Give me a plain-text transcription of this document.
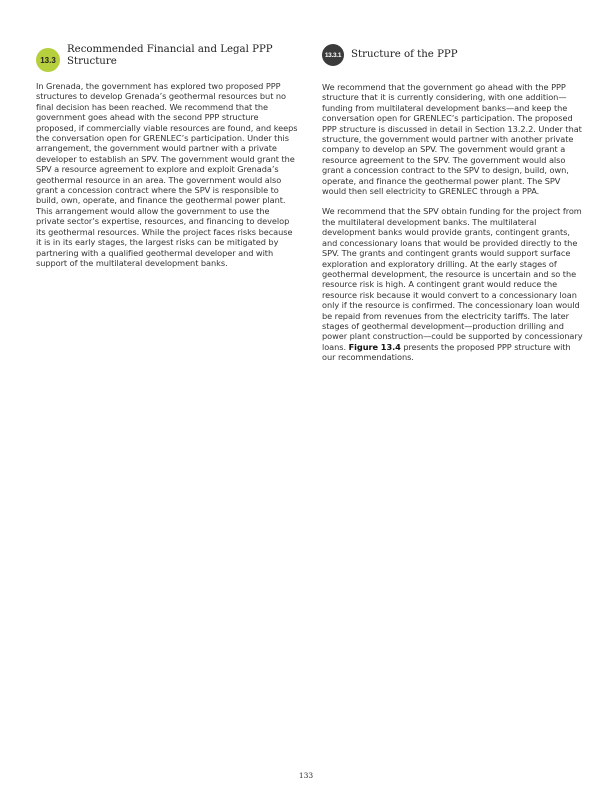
13.3
Recommended Financial and Legal PPP Structure

In Grenada, the government has explored two proposed PPP structures to develop Grenada’s geothermal resources but no final decision has been reached. We recommend that the government goes ahead with the second PPP structure proposed, if commercially viable resources are found, and keeps the conversation open for GRENLEC’s participation. Under this arrangement, the government would partner with a private developer to establish an SPV. The government would grant the SPV a resource agreement to explore and exploit Grenada’s geothermal resource in an area. The government would also grant a concession contract where the SPV is responsible to build, own, operate, and finance the geothermal power plant.

This arrangement would allow the government to use the private sector’s expertise, resources, and financing to develop its geothermal resources. While the project faces risks because it is in its early stages, the largest risks can be mitigated by partnering with a qualified geothermal developer and with support of the multilateral development banks.

13.3.1 Structure of the PPP

We recommend that the government go ahead with the PPP structure that it is currently considering, with one addition—funding from multilateral development banks—and keep the conversation open for GRENLEC’s participation. The proposed PPP structure is discussed in detail in Section 13.2.2. Under that structure, the government would partner with another private company to develop an SPV. The government would grant a resource agreement to the SPV. The government would also grant a concession contract to the SPV to design, build, own, operate, and finance the geothermal power plant. The SPV would then sell electricity to GRENLEC through a PPA.

We recommend that the SPV obtain funding for the project from the multilateral development banks. The multilateral development banks would provide grants, contingent grants, and concessionary loans that would be provided directly to the SPV. The grants and contingent grants would support surface exploration and exploratory drilling. At the early stages of geothermal development, the resource is uncertain and so the resource risk is high. A contingent grant would reduce the resource risk because it would convert to a concessionary loan only if the resource is confirmed. The concessionary loan would be repaid from revenues from the electricity tariffs. The later stages of geothermal development—production drilling and power plant construction—could be supported by concessionary loans. Figure 13.4 presents the proposed PPP structure with our recommendations.

133
